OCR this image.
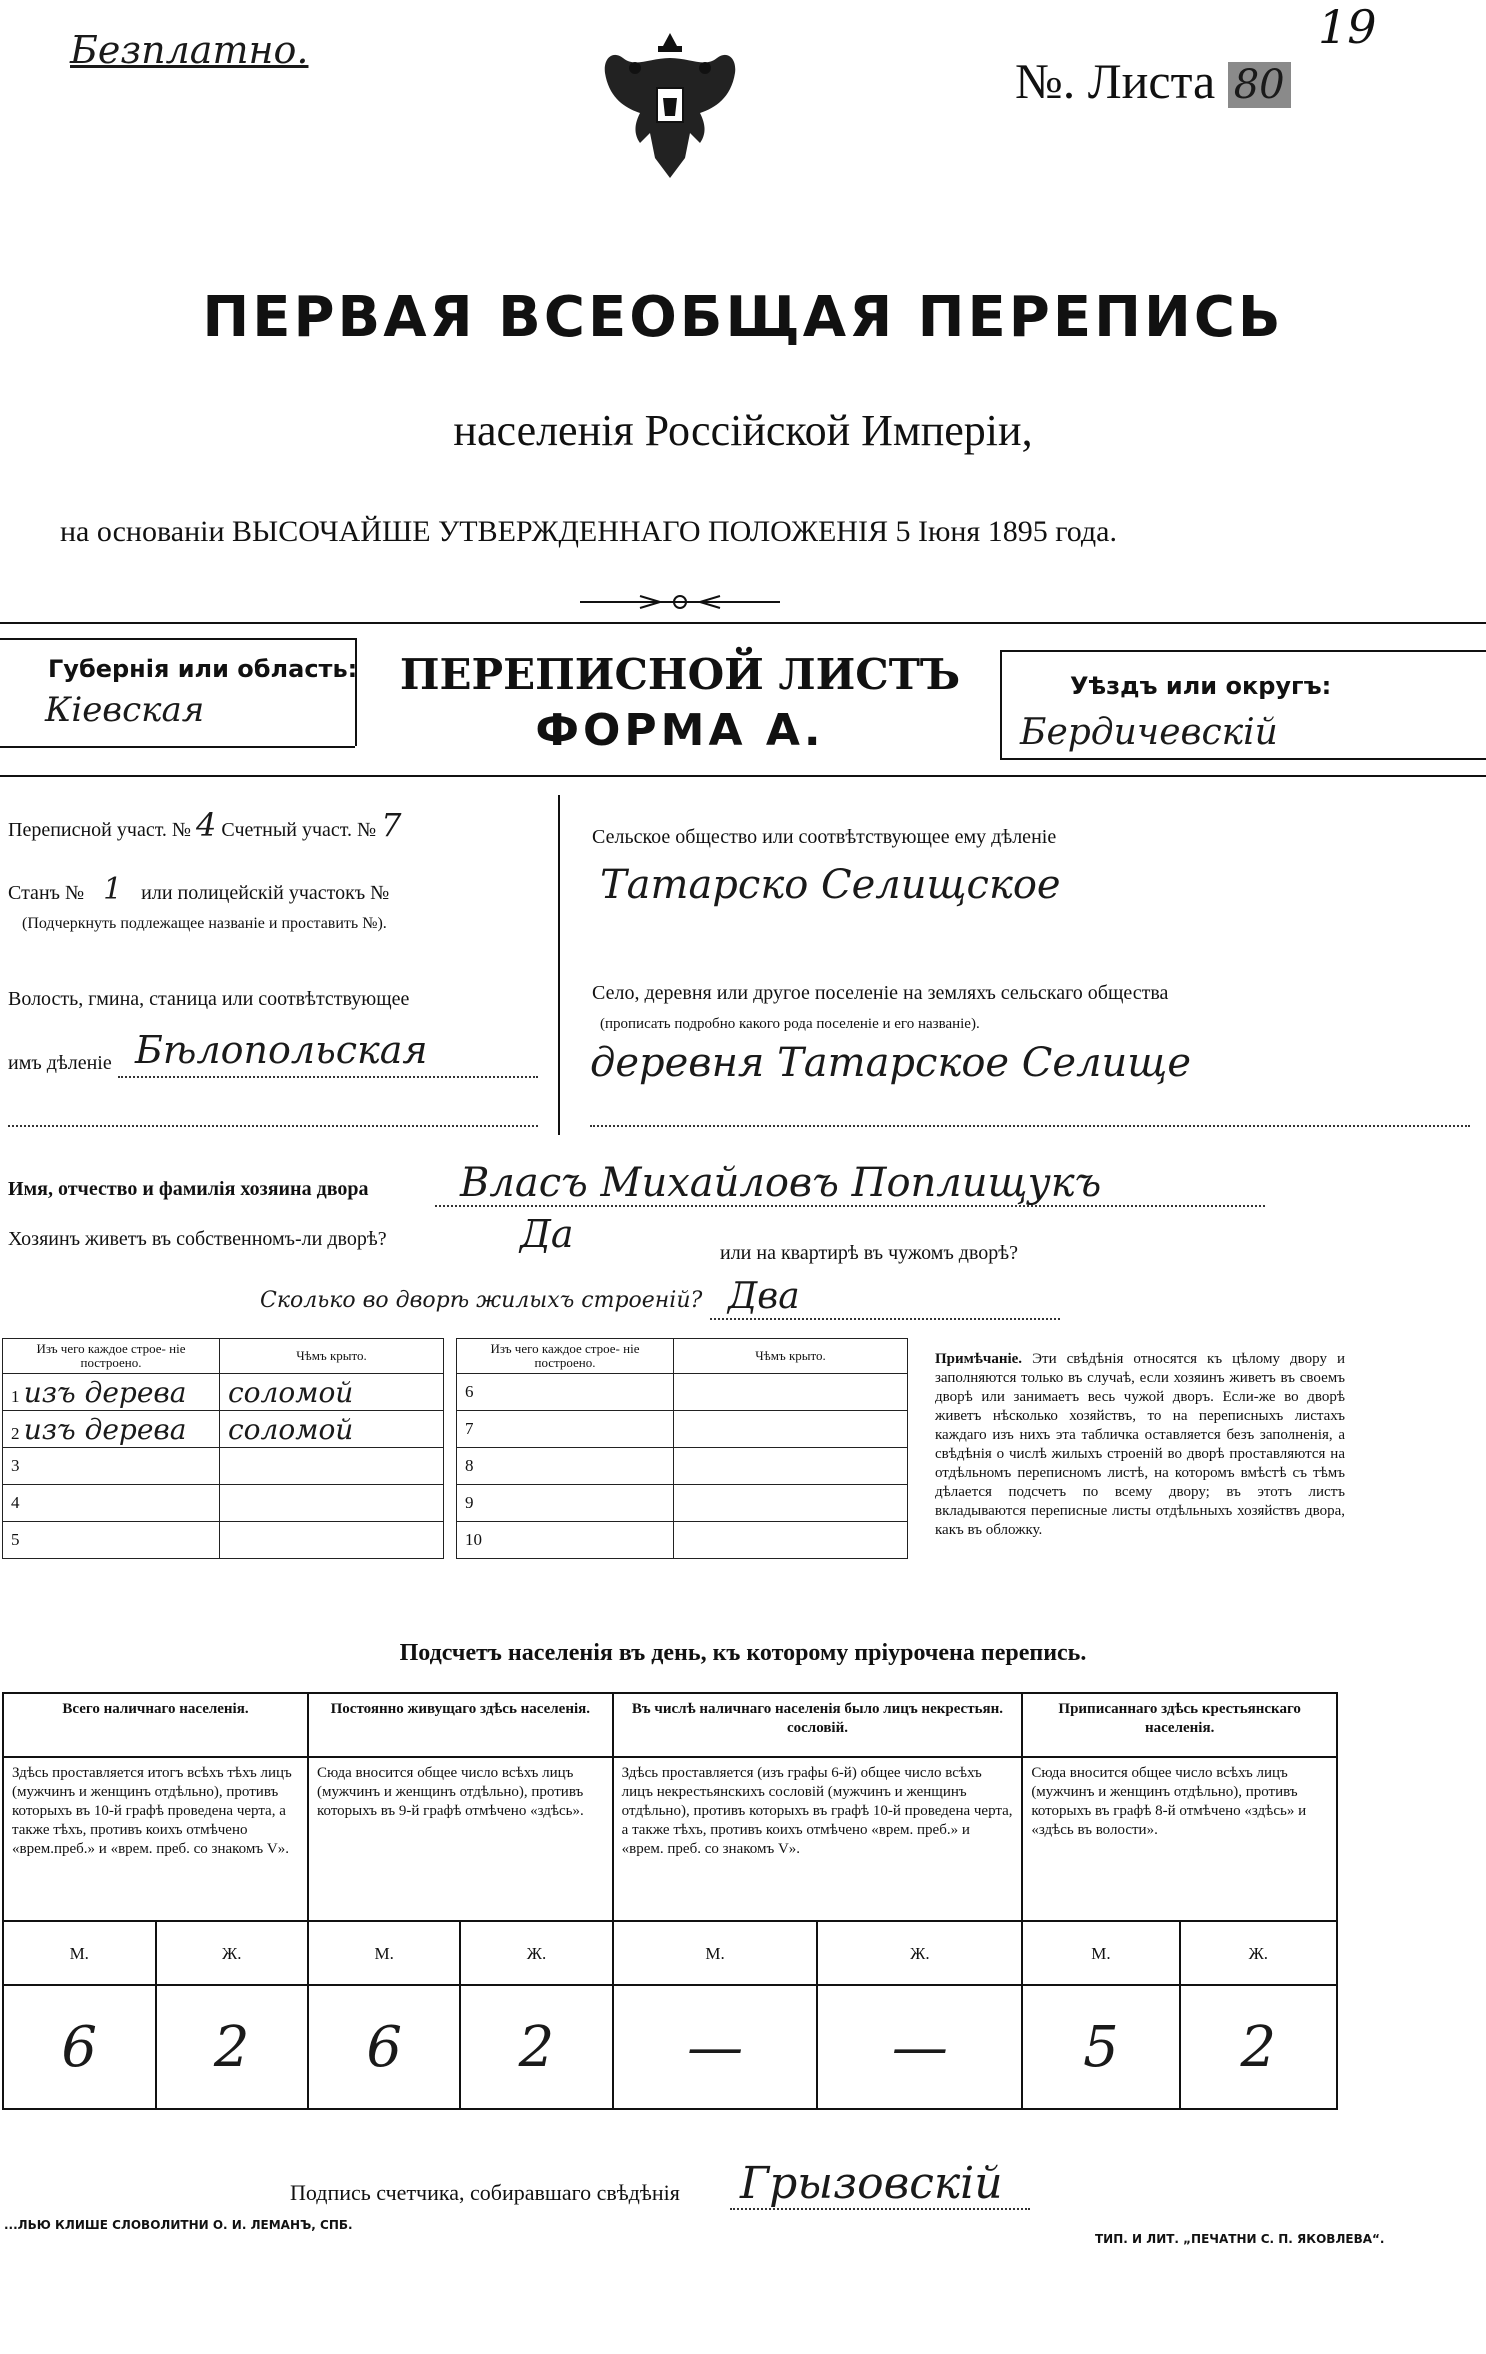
Безплатно.	19
№. Листа 80
ПЕРВАЯ ВСЕОБЩАЯ ПЕРЕПИСЬ
населенія Россійской Имперіи,
на основаніи ВЫСОЧАЙШЕ УТВЕРЖДЕННАГО ПОЛОЖЕНІЯ 5 Іюня 1895 года.
Губернія или область:
Кіевская
ПЕРЕПИСНОЙ ЛИСТЪ
ФОРМА А.
Уѣздъ или округъ:
Бердичевскій
Переписной участ. № 4 Счетный участ. № 7
Станъ № 1 или полицейскій участокъ №
(Подчеркнуть подлежащее названіе и проставить №).
Волость, гмина, станица или соотвѣтствующее
имъ дѣленіе Бѣлопольская
Сельское общество или соотвѣтствующее ему дѣленіе
Татарско Селищское
Село, деревня или другое поселеніе на земляхъ сельскаго общества
(прописать подробно какого рода поселеніе и его названіе).
деревня Татарское Селище
Имя, отчество и фамилія хозяина двора Власъ Михайловъ Поплищукъ
Хозяинъ живетъ въ собственномъ-ли дворѣ?	Да	или на квартирѣ въ чужомъ дворѣ?
Сколько во дворѣ жилыхъ строеній? Два
Изъ чего каждое строе- ніе построено.	Чѣмъ крыто.
1 изъ дерева	соломой
2 изъ дерева	соломой
3	
4	
5	
Изъ чего каждое строе- ніе построено.	Чѣмъ крыто.
6	
7	
8	
9	
10	
Примѣчаніе. Эти свѣдѣнія относятся къ цѣлому двору и заполняются только въ случаѣ, если хозяинъ живетъ въ своемъ дворѣ или занимаетъ весь чужой дворъ. Если-же во дворѣ живетъ нѣсколько хозяйствъ, то на переписныхъ листахъ каждаго изъ нихъ эта табличка оставляется безъ заполненія, а свѣдѣнія о числѣ жилыхъ строеній во дворѣ проставляются на отдѣльномъ переписномъ листѣ, на которомъ вмѣстѣ съ тѣмъ дѣлается подсчетъ по всему двору; въ этотъ листъ вкладываются переписные листы отдѣльныхъ хозяйствъ двора, какъ въ обложку.
Подсчетъ населенія въ день, къ которому пріурочена перепись.
Всего наличнаго населенія.		Постоянно живущаго здѣсь населенія.		Въ числѣ наличнаго населенія было лицъ некрестьян. сословій.		Приписаннаго здѣсь крестьянскаго населенія.	
Здѣсь проставляется итогъ всѣхъ тѣхъ лицъ (мужчинъ и женщинъ отдѣльно), противъ которыхъ въ 10-й графѣ проведена черта, а также тѣхъ, противъ коихъ отмѣчено «врем.преб.» и «врем. преб. со знакомъ V».		Сюда вносится общее число всѣхъ лицъ (мужчинъ и женщинъ отдѣльно), противъ которыхъ въ 9-й графѣ отмѣчено «здѣсь».		Здѣсь проставляется (изъ графы 6-й) общее число всѣхъ лицъ некрестьянскихъ сословій (мужчинъ и женщинъ отдѣльно), противъ которыхъ въ графѣ 10-й проведена черта, а также тѣхъ, противъ коихъ отмѣчено «врем. преб.» и «врем. преб. со знакомъ V».		Сюда вносится общее число всѣхъ лицъ (мужчинъ и женщинъ отдѣльно), противъ которыхъ въ графѣ 8-й отмѣчено «здѣсь» и «здѣсь въ волости».	
М.	Ж.	М.	Ж.	М.	Ж.	М.	Ж.
6	2	6	2	—	—	5	2
Подпись счетчика, собиравшаго свѣдѣнія Грызовскій
...ЛЬЮ КЛИШЕ СЛОВОЛИТНИ О. И. ЛЕМАНЪ, СПБ.
ТИП. И ЛИТ. „ПЕЧАТНИ С. П. ЯКОВЛЕВА“.
